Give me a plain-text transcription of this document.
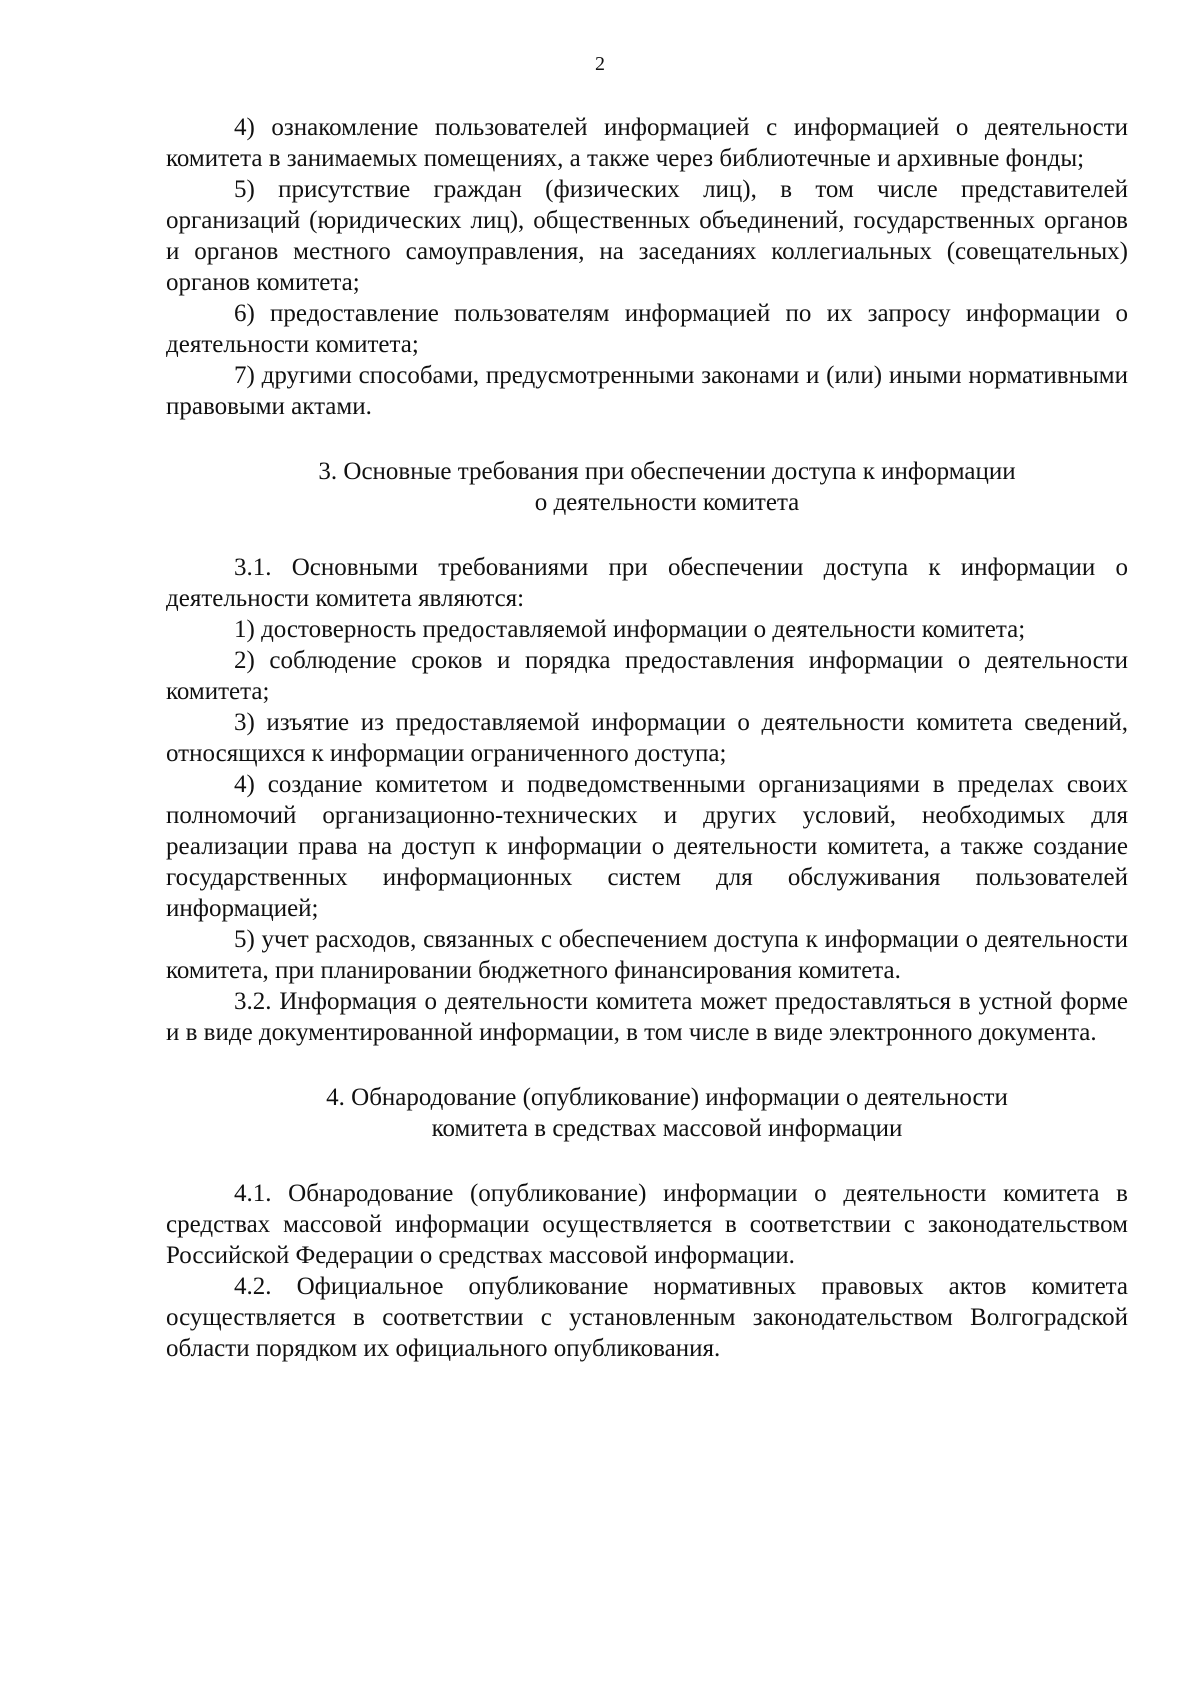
2

4) ознакомление пользователей информацией с информацией о деятельности комитета в занимаемых помещениях, а также через библиотечные и архивные фонды;

5) присутствие граждан (физических лиц), в том числе представителей организаций (юридических лиц), общественных объединений, государственных органов и органов местного самоуправления, на заседаниях коллегиальных (совещательных) органов комитета;

6) предоставление пользователям информацией по их запросу информации о деятельности комитета;

7) другими способами, предусмотренными законами и (или) иными нормативными правовыми актами.

3. Основные требования при обеспечении доступа к информации

о деятельности комитета

3.1. Основными требованиями при обеспечении доступа к информации о деятельности комитета являются:

1) достоверность предоставляемой информации о деятельности комитета;

2) соблюдение сроков и порядка предоставления информации о деятельности комитета;

3) изъятие из предоставляемой информации о деятельности комитета сведений, относящихся к информации ограниченного доступа;

4) создание комитетом и подведомственными организациями в пределах своих полномочий организационно-технических и других условий, необходимых для реализации права на доступ к информации о деятельности комитета, а также создание государственных информационных систем для обслуживания пользователей информацией;

5) учет расходов, связанных с обеспечением доступа к информации о деятельности комитета, при планировании бюджетного финансирования комитета.

3.2. Информация о деятельности комитета может предоставляться в устной форме и в виде документированной информации, в том числе в виде электронного документа.

4. Обнародование (опубликование) информации о деятельности

комитета в средствах массовой информации

4.1. Обнародование (опубликование) информации о деятельности комитета в средствах массовой информации осуществляется в соответствии с законодательством Российской Федерации о средствах массовой информации.

4.2. Официальное опубликование нормативных правовых актов комитета осуществляется в соответствии с установленным законодательством Волгоградской области порядком их официального опубликования.
